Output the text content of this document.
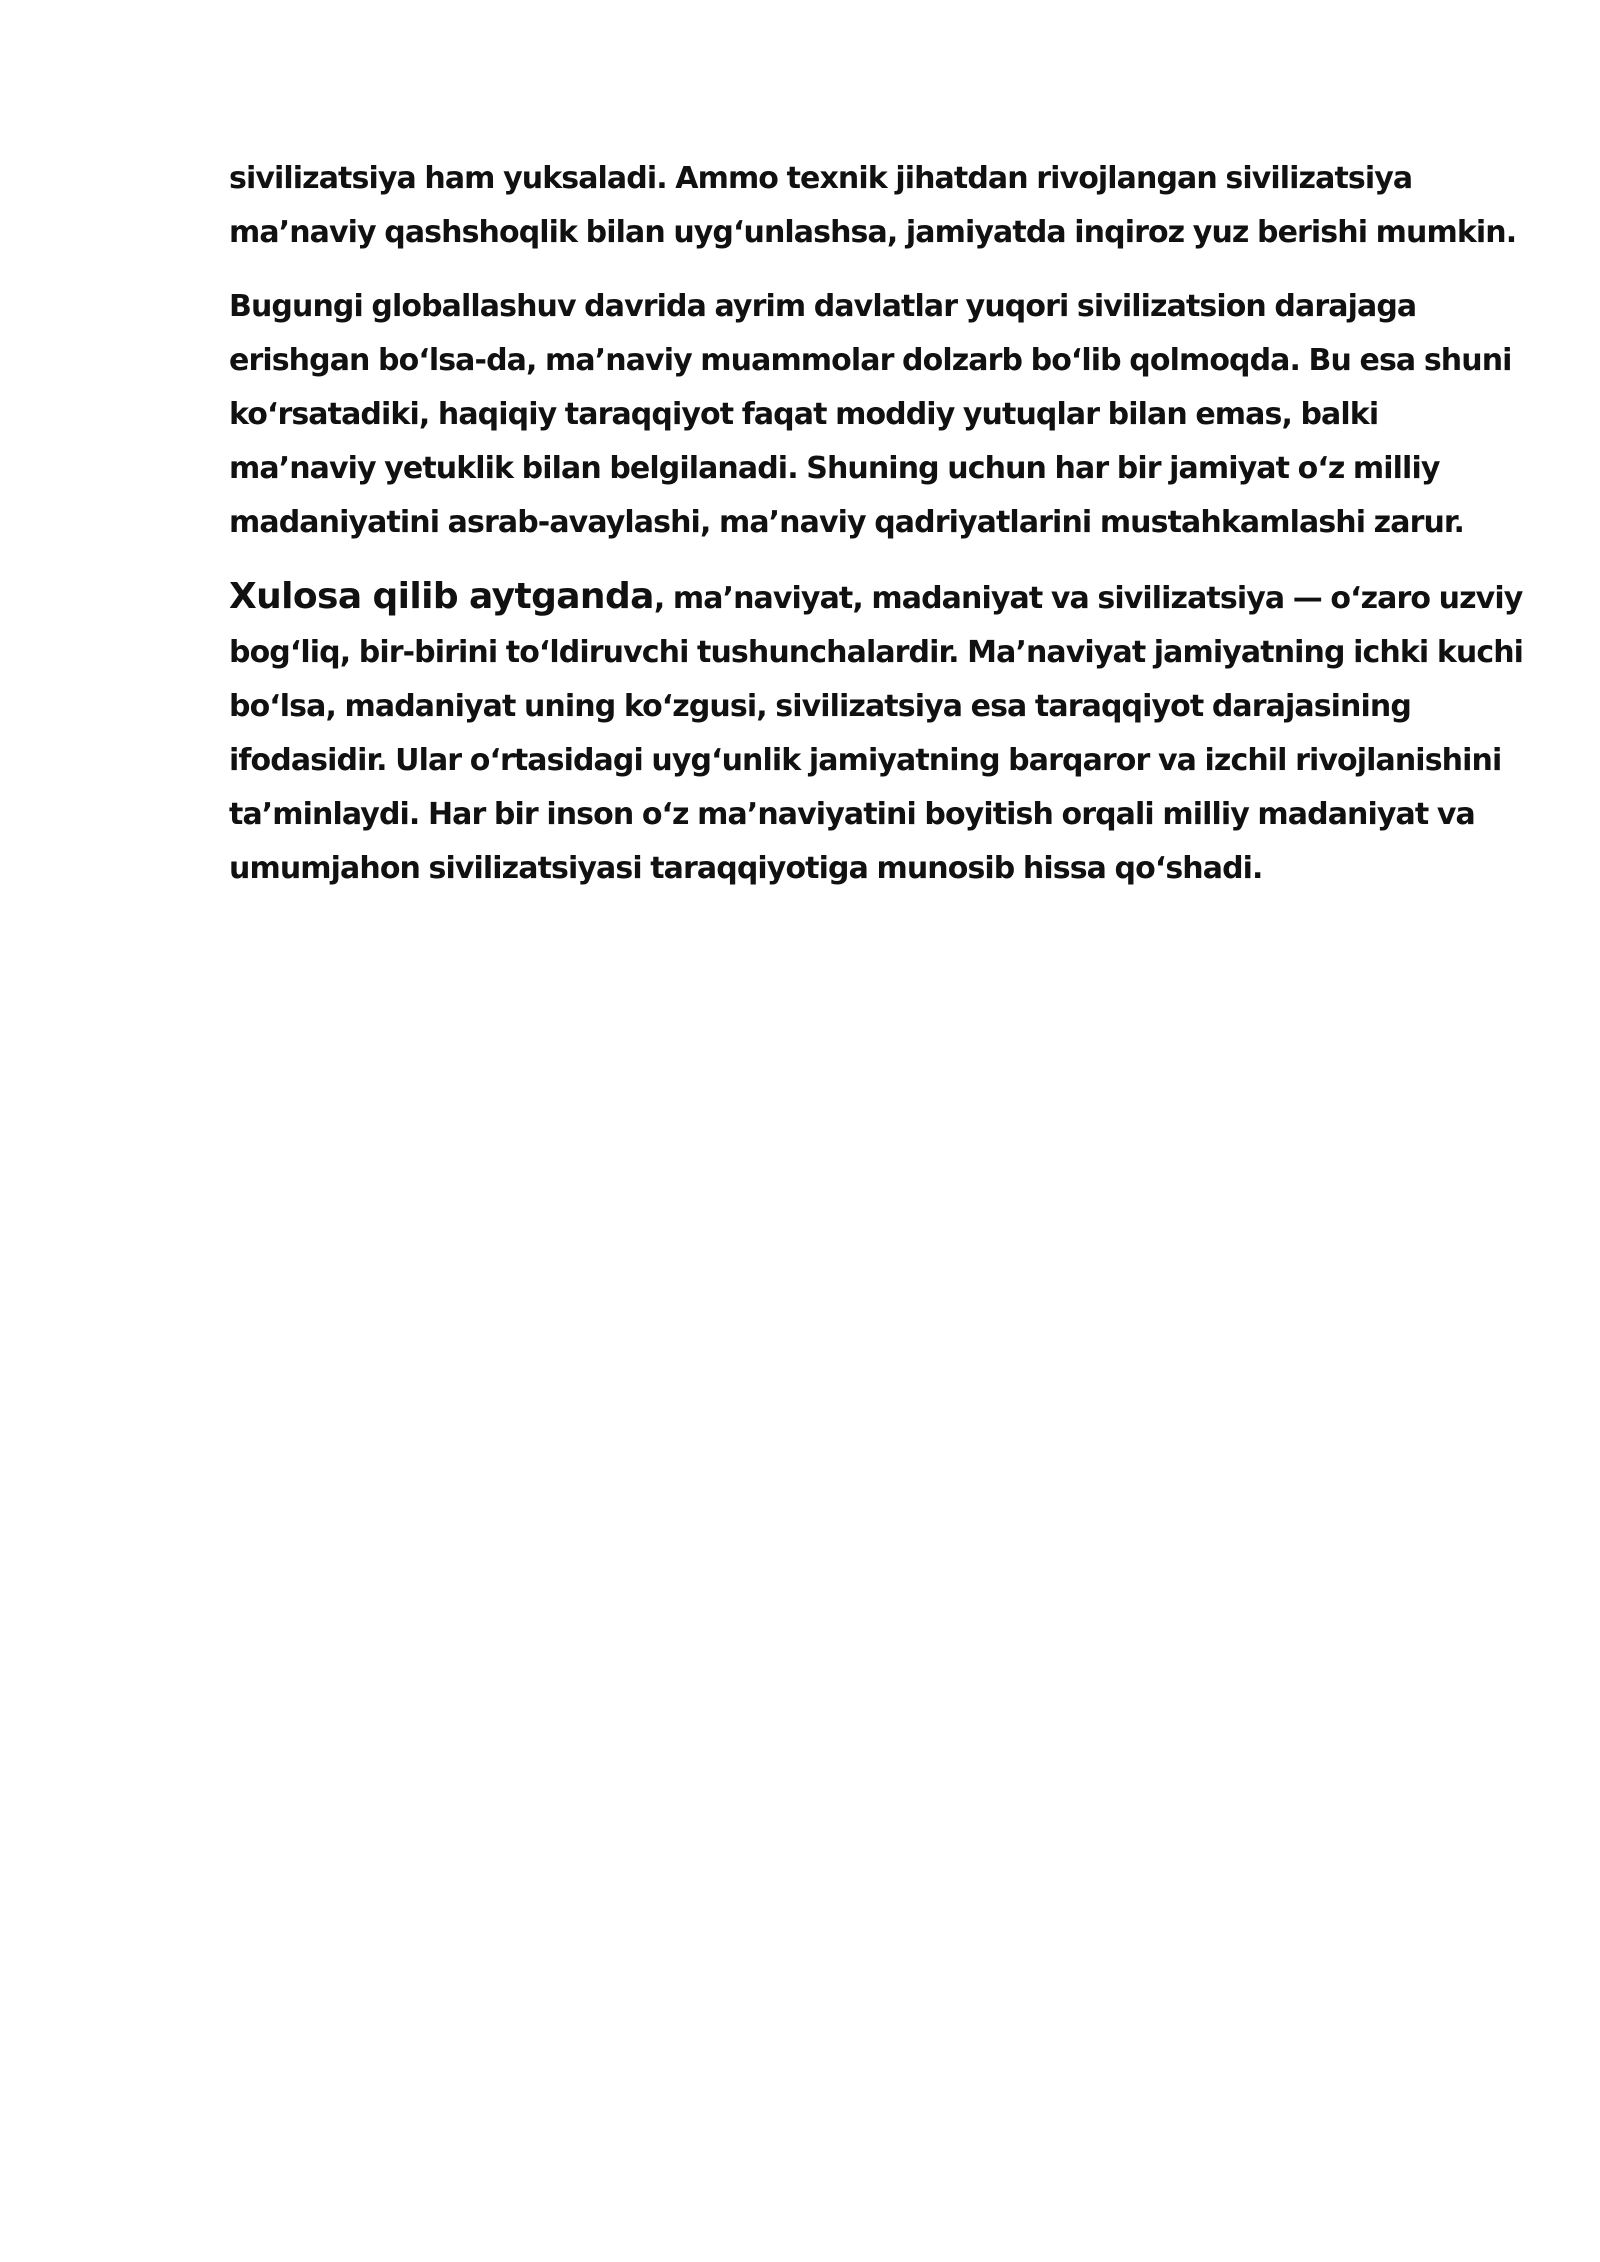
sivilizatsiya ham yuksaladi. Ammo texnik jihatdan rivojlangan sivilizatsiya
ma’naviy qashshoqlik bilan uyg‘unlashsa, jamiyatda inqiroz yuz berishi mumkin.

Bugungi globallashuv davrida ayrim davlatlar yuqori sivilizatsion darajaga
erishgan bo‘lsa-da, ma’naviy muammolar dolzarb bo‘lib qolmoqda. Bu esa shuni
ko‘rsatadiki, haqiqiy taraqqiyot faqat moddiy yutuqlar bilan emas, balki
ma’naviy yetuklik bilan belgilanadi. Shuning uchun har bir jamiyat o‘z milliy
madaniyatini asrab-avaylashi, ma’naviy qadriyatlarini mustahkamlashi zarur.

Xulosa qilib aytganda, ma’naviyat, madaniyat va sivilizatsiya — o‘zaro uzviy
bog‘liq, bir-birini to‘ldiruvchi tushunchalardir. Ma’naviyat jamiyatning ichki kuchi
bo‘lsa, madaniyat uning ko‘zgusi, sivilizatsiya esa taraqqiyot darajasining
ifodasidir. Ular o‘rtasidagi uyg‘unlik jamiyatning barqaror va izchil rivojlanishini
ta’minlaydi. Har bir inson o‘z ma’naviyatini boyitish orqali milliy madaniyat va
umumjahon sivilizatsiyasi taraqqiyotiga munosib hissa qo‘shadi.
